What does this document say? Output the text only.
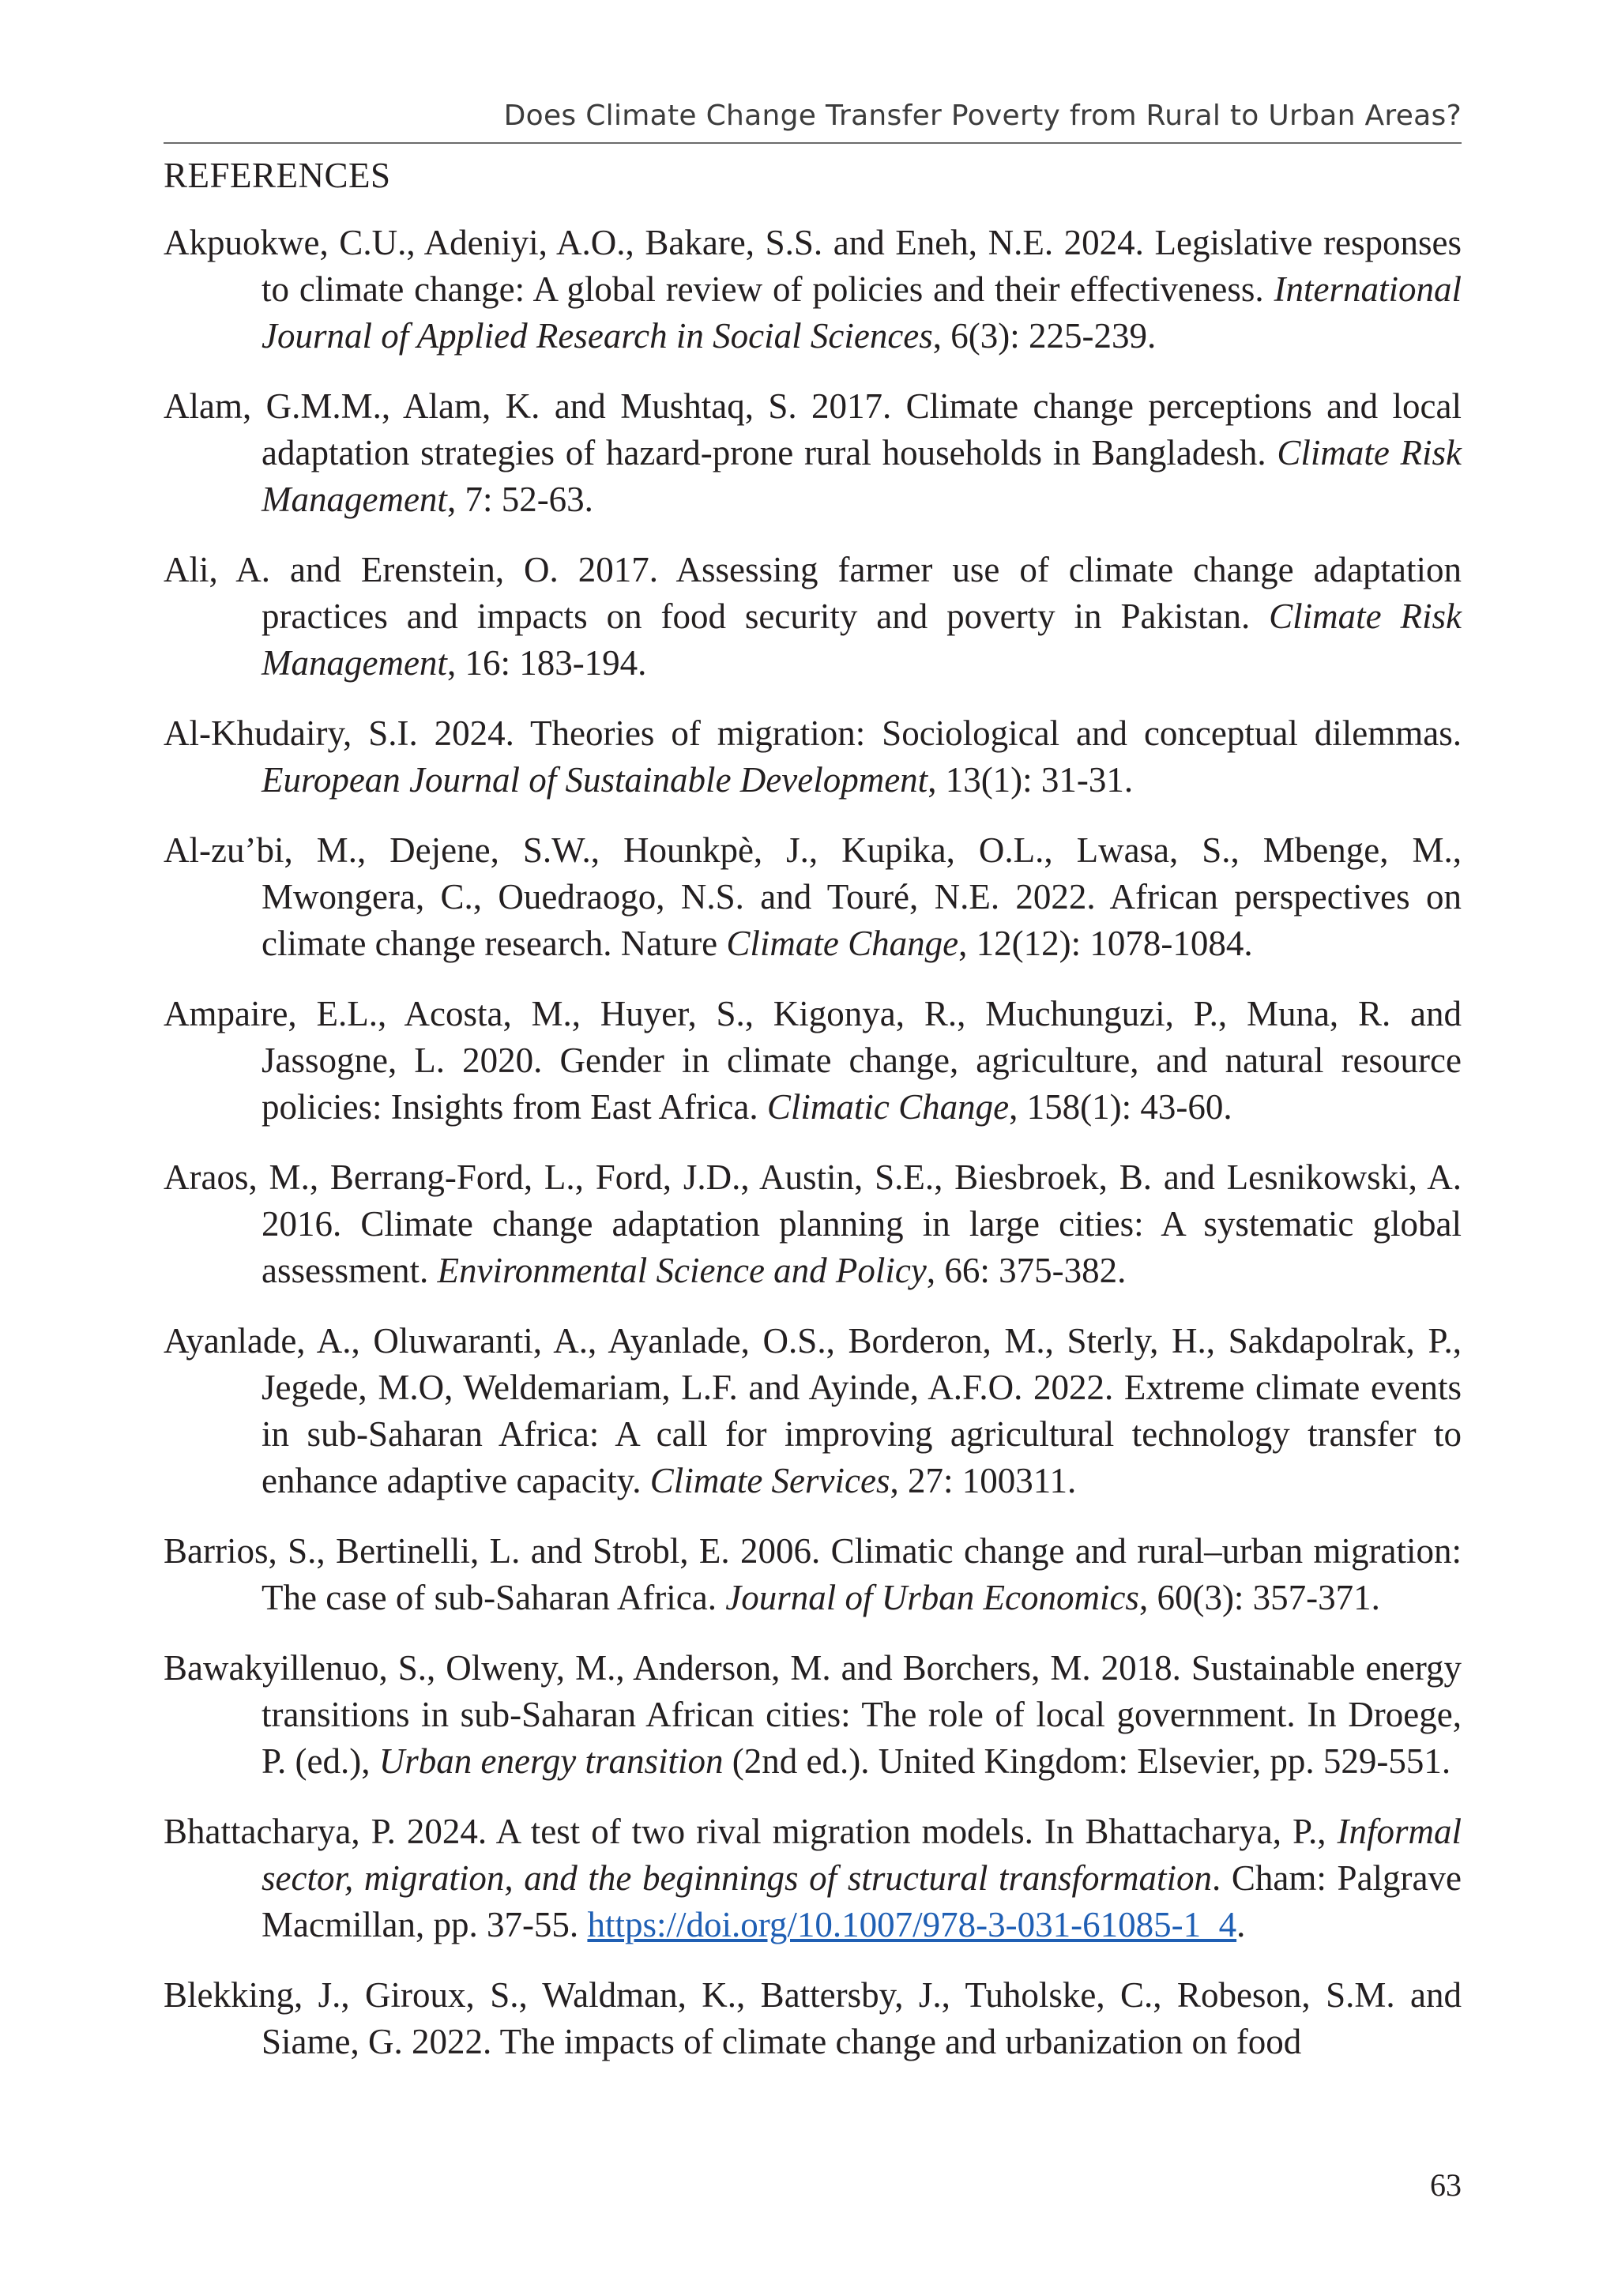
Does Climate Change Transfer Poverty from Rural to Urban Areas?
REFERENCES

Akpuokwe, C.U., Adeniyi, A.O., Bakare, S.S. and Eneh, N.E. 2024. Legislative responses to climate change: A global review of policies and their effectiveness. International Journal of Applied Research in Social Sciences, 6(3): 225-239.

Alam, G.M.M., Alam, K. and Mushtaq, S. 2017. Climate change perceptions and local adaptation strategies of hazard-prone rural households in Bangladesh. Climate Risk Management, 7: 52-63.

Ali, A. and Erenstein, O. 2017. Assessing farmer use of climate change adaptation practices and impacts on food security and poverty in Pakistan. Climate Risk Management, 16: 183-194.

Al-Khudairy, S.I. 2024. Theories of migration: Sociological and conceptual dilemmas. European Journal of Sustainable Development, 13(1): 31-31.

Al-zu’bi, M., Dejene, S.W., Hounkpè, J., Kupika, O.L., Lwasa, S., Mbenge, M., Mwongera, C., Ouedraogo, N.S. and Touré, N.E. 2022. African perspectives on climate change research. Nature Climate Change, 12(12): 1078-1084.

Ampaire, E.L., Acosta, M., Huyer, S., Kigonya, R., Muchunguzi, P., Muna, R. and Jassogne, L. 2020. Gender in climate change, agriculture, and natural resource policies: Insights from East Africa. Climatic Change, 158(1): 43-60.

Araos, M., Berrang-Ford, L., Ford, J.D., Austin, S.E., Biesbroek, B. and Lesnikowski, A. 2016. Climate change adaptation planning in large cities: A systematic global assessment. Environmental Science and Policy, 66: 375-382.

Ayanlade, A., Oluwaranti, A., Ayanlade, O.S., Borderon, M., Sterly, H., Sakdapolrak, P., Jegede, M.O, Weldemariam, L.F. and Ayinde, A.F.O. 2022. Extreme climate events in sub-Saharan Africa: A call for improving agricultural technology transfer to enhance adaptive capacity. Climate Services, 27: 100311.

Barrios, S., Bertinelli, L. and Strobl, E. 2006. Climatic change and rural–urban migration: The case of sub-Saharan Africa. Journal of Urban Economics, 60(3): 357-371.

Bawakyillenuo, S., Olweny, M., Anderson, M. and Borchers, M. 2018. Sustainable energy transitions in sub-Saharan African cities: The role of local government. In Droege, P. (ed.), Urban energy transition (2nd ed.). United Kingdom: Elsevier, pp. 529-551.

Bhattacharya, P. 2024. A test of two rival migration models. In Bhattacharya, P., Informal sector, migration, and the beginnings of structural transformation. Cham: Palgrave Macmillan, pp. 37-55. https://doi.org/10.1007/978-3-031-61085-1_4.

Blekking, J., Giroux, S., Waldman, K., Battersby, J., Tuholske, C., Robeson, S.M. and Siame, G. 2022. The impacts of climate change and urbanization on food

63
